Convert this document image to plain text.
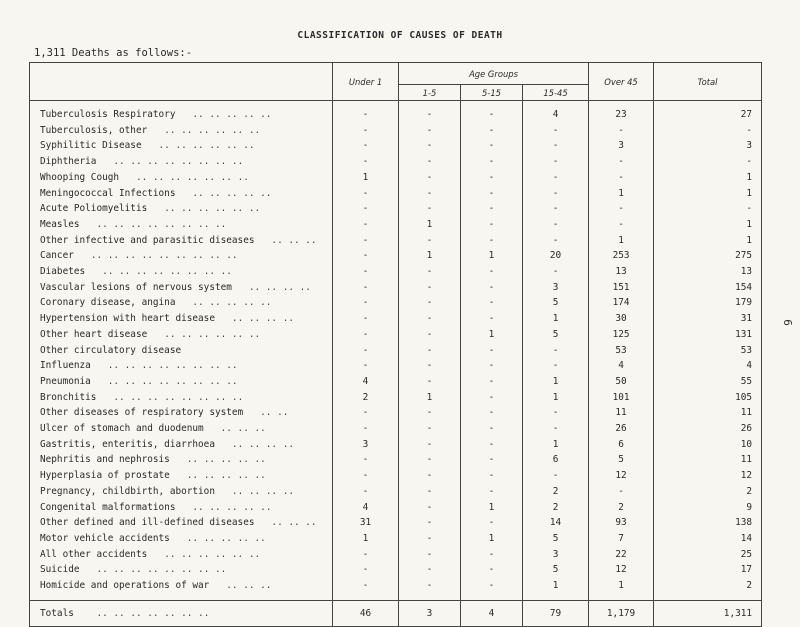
CLASSIFICATION OF CAUSES OF DEATH
1,311 Deaths as follows:-
6
	Under 1	Age Groups			Over 45	Total
		1-5	5-15	15-45		

Tuberculosis Respiratory .. .. .. .. ..	-	-	-	4	23	27
Tuberculosis, other .. .. .. .. .. ..	-	-	-	-	-	-
Syphilitic Disease .. .. .. .. .. ..	-	-	-	-	3	3
Diphtheria .. .. .. .. .. .. .. ..	-	-	-	-	-	-
Whooping Cough .. .. .. .. .. .. ..	1	-	-	-	-	1
Meningococcal Infections .. .. .. .. ..	-	-	-	-	1	1
Acute Poliomyelitis .. .. .. .. .. ..	-	-	-	-	-	-
Measles .. .. .. .. .. .. .. ..	-	1	-	-	-	1
Other infective and parasitic diseases .. .. ..	-	-	-	-	1	1
Cancer .. .. .. .. .. .. .. .. ..	-	1	1	20	253	275
Diabetes .. .. .. .. .. .. .. ..	-	-	-	-	13	13
Vascular lesions of nervous system .. .. .. ..	-	-	-	3	151	154
Coronary disease, angina .. .. .. .. ..	-	-	-	5	174	179
Hypertension with heart disease .. .. .. ..	-	-	-	1	30	31
Other heart disease .. .. .. .. .. ..	-	-	1	5	125	131
Other circulatory disease	-	-	-	-	53	53
Influenza .. .. .. .. .. .. .. ..	-	-	-	-	4	4
Pneumonia .. .. .. .. .. .. .. ..	4	-	-	1	50	55
Bronchitis .. .. .. .. .. .. .. ..	2	1	-	1	101	105
Other diseases of respiratory system .. ..	-	-	-	-	11	11
Ulcer of stomach and duodenum .. .. ..	-	-	-	-	26	26
Gastritis, enteritis, diarrhoea .. .. .. ..	3	-	-	1	6	10
Nephritis and nephrosis .. .. .. .. ..	-	-	-	6	5	11
Hyperplasia of prostate .. .. .. .. ..	-	-	-	-	12	12
Pregnancy, childbirth, abortion .. .. .. ..	-	-	-	2	-	2
Congenital malformations .. .. .. .. ..	4	-	1	2	2	9
Other defined and ill-defined diseases .. .. ..	31	-	-	14	93	138
Motor vehicle accidents .. .. .. .. ..	1	-	1	5	7	14
All other accidents .. .. .. .. .. ..	-	-	-	3	22	25
Suicide .. .. .. .. .. .. .. ..	-	-	-	5	12	17
Homicide and operations of war .. .. ..	-	-	-	1	1	2

Totals .. .. .. .. .. .. ..	46	3	4	79	1,179	1,311
